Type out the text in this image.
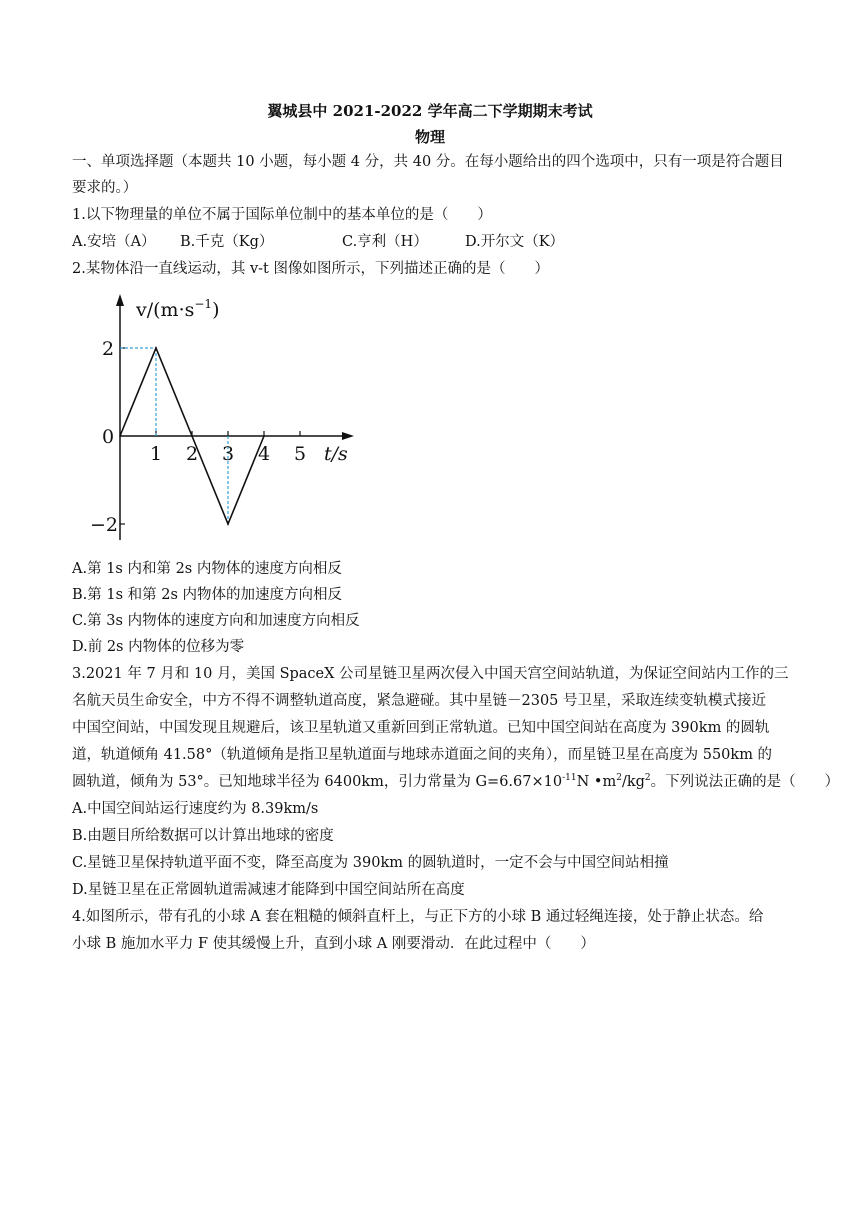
翼城县中 2021-2022 学年高二下学期期末考试
物理
一、单项选择题（本题共 10 小题，每小题 4 分，共 40 分。在每小题给出的四个选项中，只有一项是符合题目
要求的。）
1.以下物理量的单位不属于国际单位制中的基本单位的是（　　）
A.安培（A） B.千克（Kg）	C.亨利（H）	D.开尔文（K）
2.某物体沿一直线运动，其 v-t 图像如图所示，下列描述正确的是（　　）
0
1 2 3 4 5
2
−2
t/s
$v/(m\cdot s^{-1})$
A.第 1s 内和第 2s 内物体的速度方向相反
B.第 1s 和第 2s 内物体的加速度方向相反
C.第 3s 内物体的速度方向和加速度方向相反
D.前 2s 内物体的位移为零
3.2021 年 7 月和 10 月，美国 SpaceX 公司星链卫星两次侵入中国天宫空间站轨道，为保证空间站内工作的三
名航天员生命安全，中方不得不调整轨道高度，紧急避碰。其中星链－2305 号卫星，采取连续变轨模式接近
中国空间站，中国发现且规避后，该卫星轨道又重新回到正常轨道。已知中国空间站在高度为 390km 的圆轨
道，轨道倾角 41.58°（轨道倾角是指卫星轨道面与地球赤道面之间的夹角），而星链卫星在高度为 550km 的
圆轨道，倾角为 53°。已知地球半径为 6400km，引力常量为 $G=6.67\times 10^{-11}N$ $•m^2/kg^2$。下列说法正确的是（　　）
A.中国空间站运行速度约为 8.39km/s
B.由题目所给数据可以计算出地球的密度
C.星链卫星保持轨道平面不变，降至高度为 390km 的圆轨道时，一定不会与中国空间站相撞
D.星链卫星在正常圆轨道需减速才能降到中国空间站所在高度
4.如图所示，带有孔的小球 A 套在粗糙的倾斜直杆上，与正下方的小球 B 通过轻绳连接，处于静止状态。给
小球 B 施加水平力 F 使其缓慢上升，直到小球 A 刚要滑动．在此过程中（　　）
